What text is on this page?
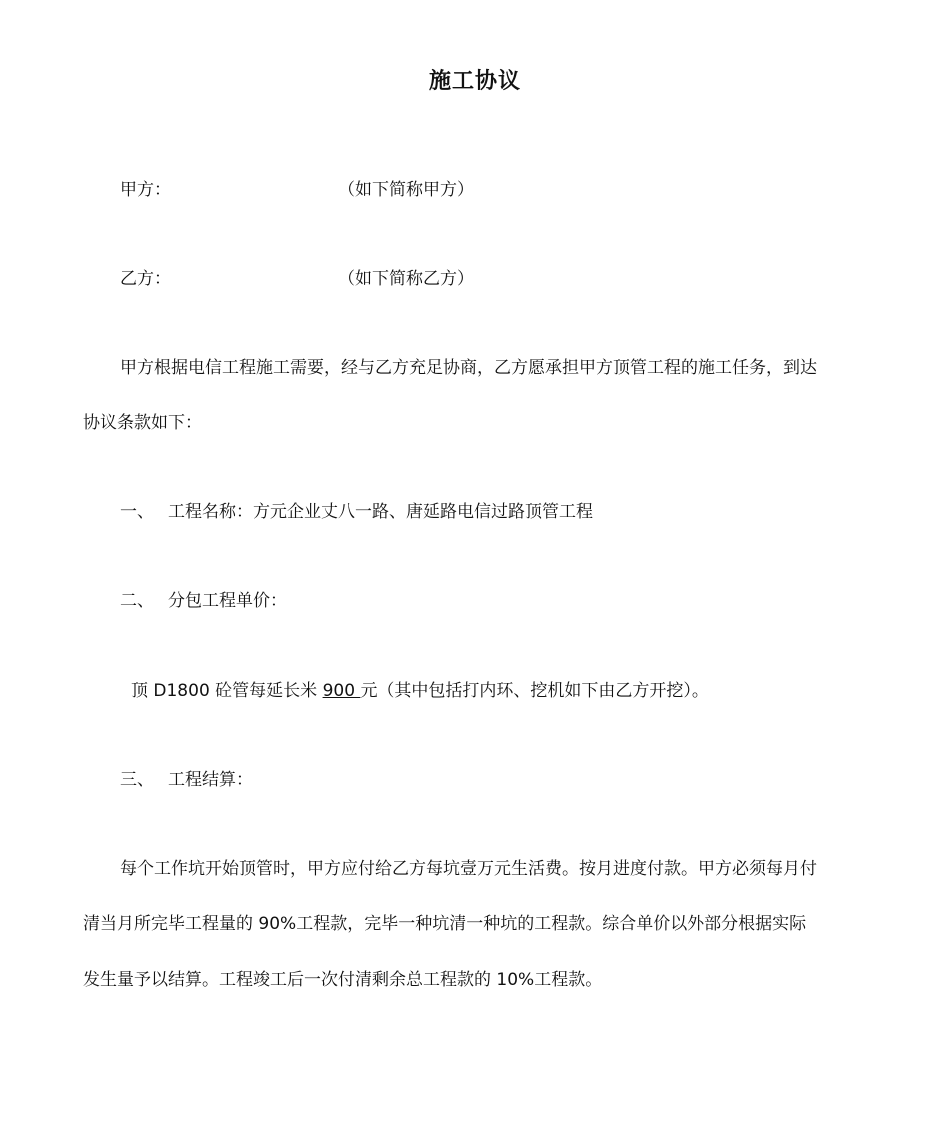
施工协议
甲方：	（如下简称甲方）
乙方：	（如下简称乙方）
甲方根据电信工程施工需要，经与乙方充足协商，乙方愿承担甲方顶管工程的施工任务，到达
协议条款如下：
一、 工程名称：方元企业丈八一路、唐延路电信过路顶管工程
二、 分包工程单价：
顶 D1800 砼管每延长米 900 元（其中包括打内环、挖机如下由乙方开挖）。
三、 工程结算：
每个工作坑开始顶管时，甲方应付给乙方每坑壹万元生活费。按月进度付款。甲方必须每月付
清当月所完毕工程量的 90%工程款，完毕一种坑清一种坑的工程款。综合单价以外部分根据实际
发生量予以结算。工程竣工后一次付清剩余总工程款的 10%工程款。
